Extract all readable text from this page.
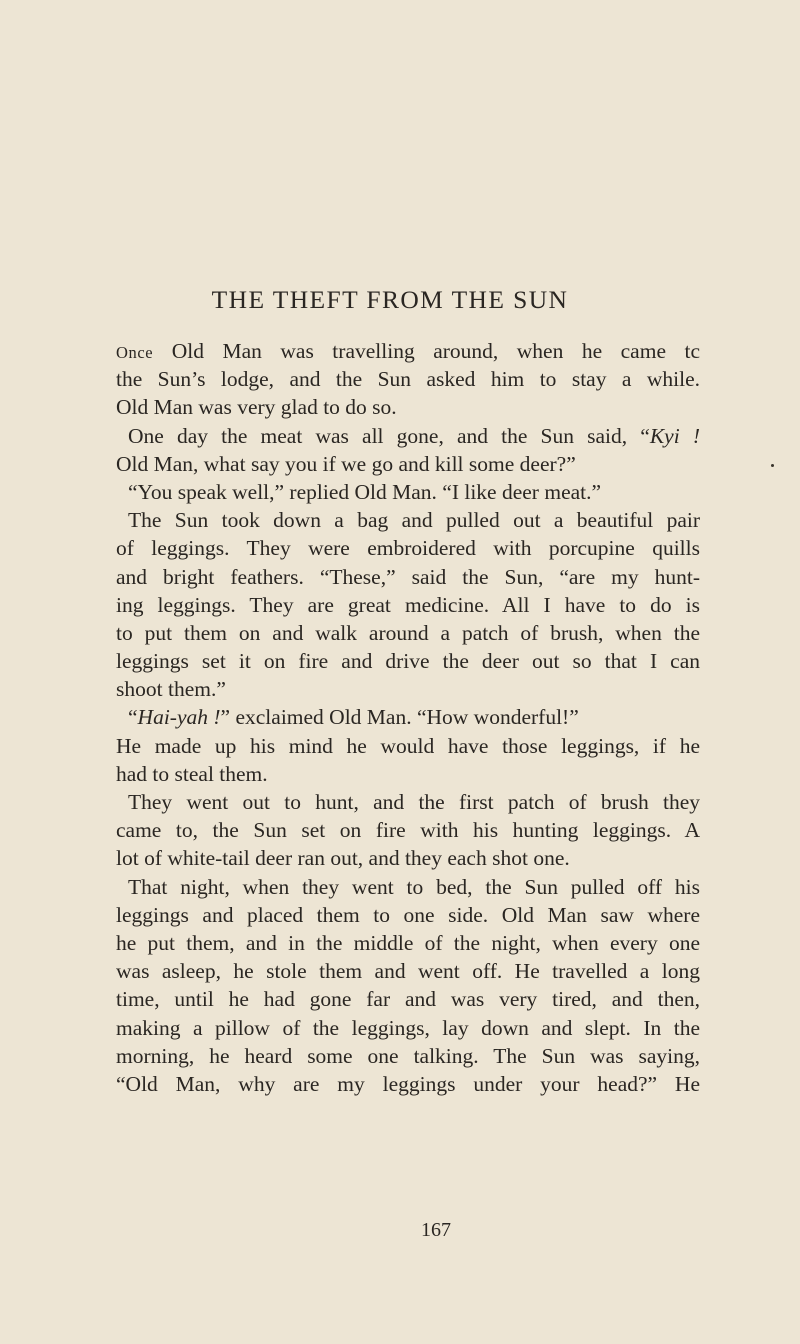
THE THEFT FROM THE SUN
Once Old Man was travelling around, when he came tc
the Sun’s lodge, and the Sun asked him to stay a while.
Old Man was very glad to do so.
One day the meat was all gone, and the Sun said, “Kyi !
Old Man, what say you if we go and kill some deer?”
“You speak well,” replied Old Man. “I like deer meat.”
The Sun took down a bag and pulled out a beautiful pair
of leggings. They were embroidered with porcupine quills
and bright feathers. “These,” said the Sun, “are my hunt-
ing leggings. They are great medicine. All I have to do is
to put them on and walk around a patch of brush, when the
leggings set it on fire and drive the deer out so that I can
shoot them.”
“Hai-yah !” exclaimed Old Man. “How wonderful!”
He made up his mind he would have those leggings, if he
had to steal them.
They went out to hunt, and the first patch of brush they
came to, the Sun set on fire with his hunting leggings. A
lot of white-tail deer ran out, and they each shot one.
That night, when they went to bed, the Sun pulled off his
leggings and placed them to one side. Old Man saw where
he put them, and in the middle of the night, when every one
was asleep, he stole them and went off. He travelled a long
time, until he had gone far and was very tired, and then,
making a pillow of the leggings, lay down and slept. In the
morning, he heard some one talking. The Sun was saying,
“Old Man, why are my leggings under your head?” He
167
